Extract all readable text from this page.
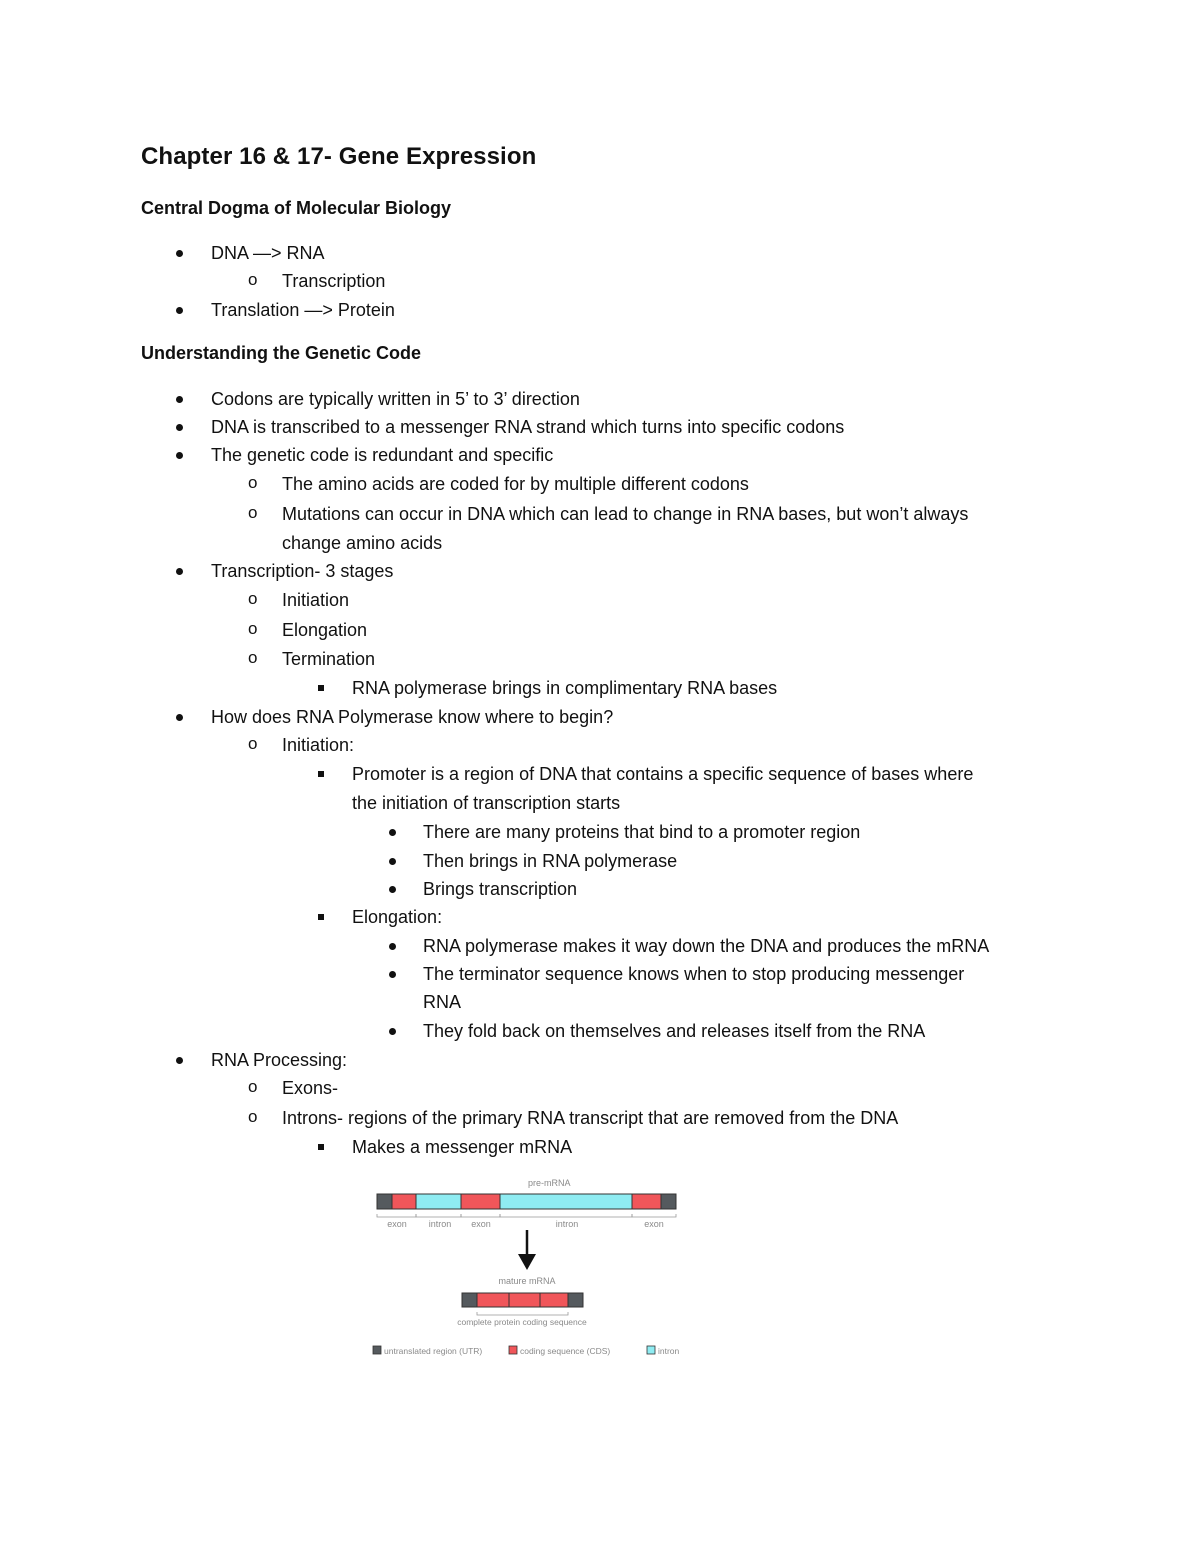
Chapter 16 & 17- Gene Expression
Central Dogma of Molecular Biology
DNA —> RNA
o Transcription
Translation —> Protein
Understanding the Genetic Code
Codons are typically written in 5’ to 3’ direction
DNA is transcribed to a messenger RNA strand which turns into specific codons
The genetic code is redundant and specific
o The amino acids are coded for by multiple different codons
o Mutations can occur in DNA which can lead to change in RNA bases, but won’t always
change amino acids
Transcription- 3 stages
o Initiation
o Elongation
o Termination
RNA polymerase brings in complimentary RNA bases
How does RNA Polymerase know where to begin?
o Initiation:
Promoter is a region of DNA that contains a specific sequence of bases where
the initiation of transcription starts
There are many proteins that bind to a promoter region
Then brings in RNA polymerase
Brings transcription
Elongation:
RNA polymerase makes it way down the DNA and produces the mRNA
The terminator sequence knows when to stop producing messenger
RNA
They fold back on themselves and releases itself from the RNA
RNA Processing:
o Exons-
o Introns- regions of the primary RNA transcript that are removed from the DNA
Makes a messenger mRNA
pre-mRNA
exon intron exon	intron	exon
mature mRNA
complete protein coding sequence
untranslated region (UTR)	coding sequence (CDS)	intron
